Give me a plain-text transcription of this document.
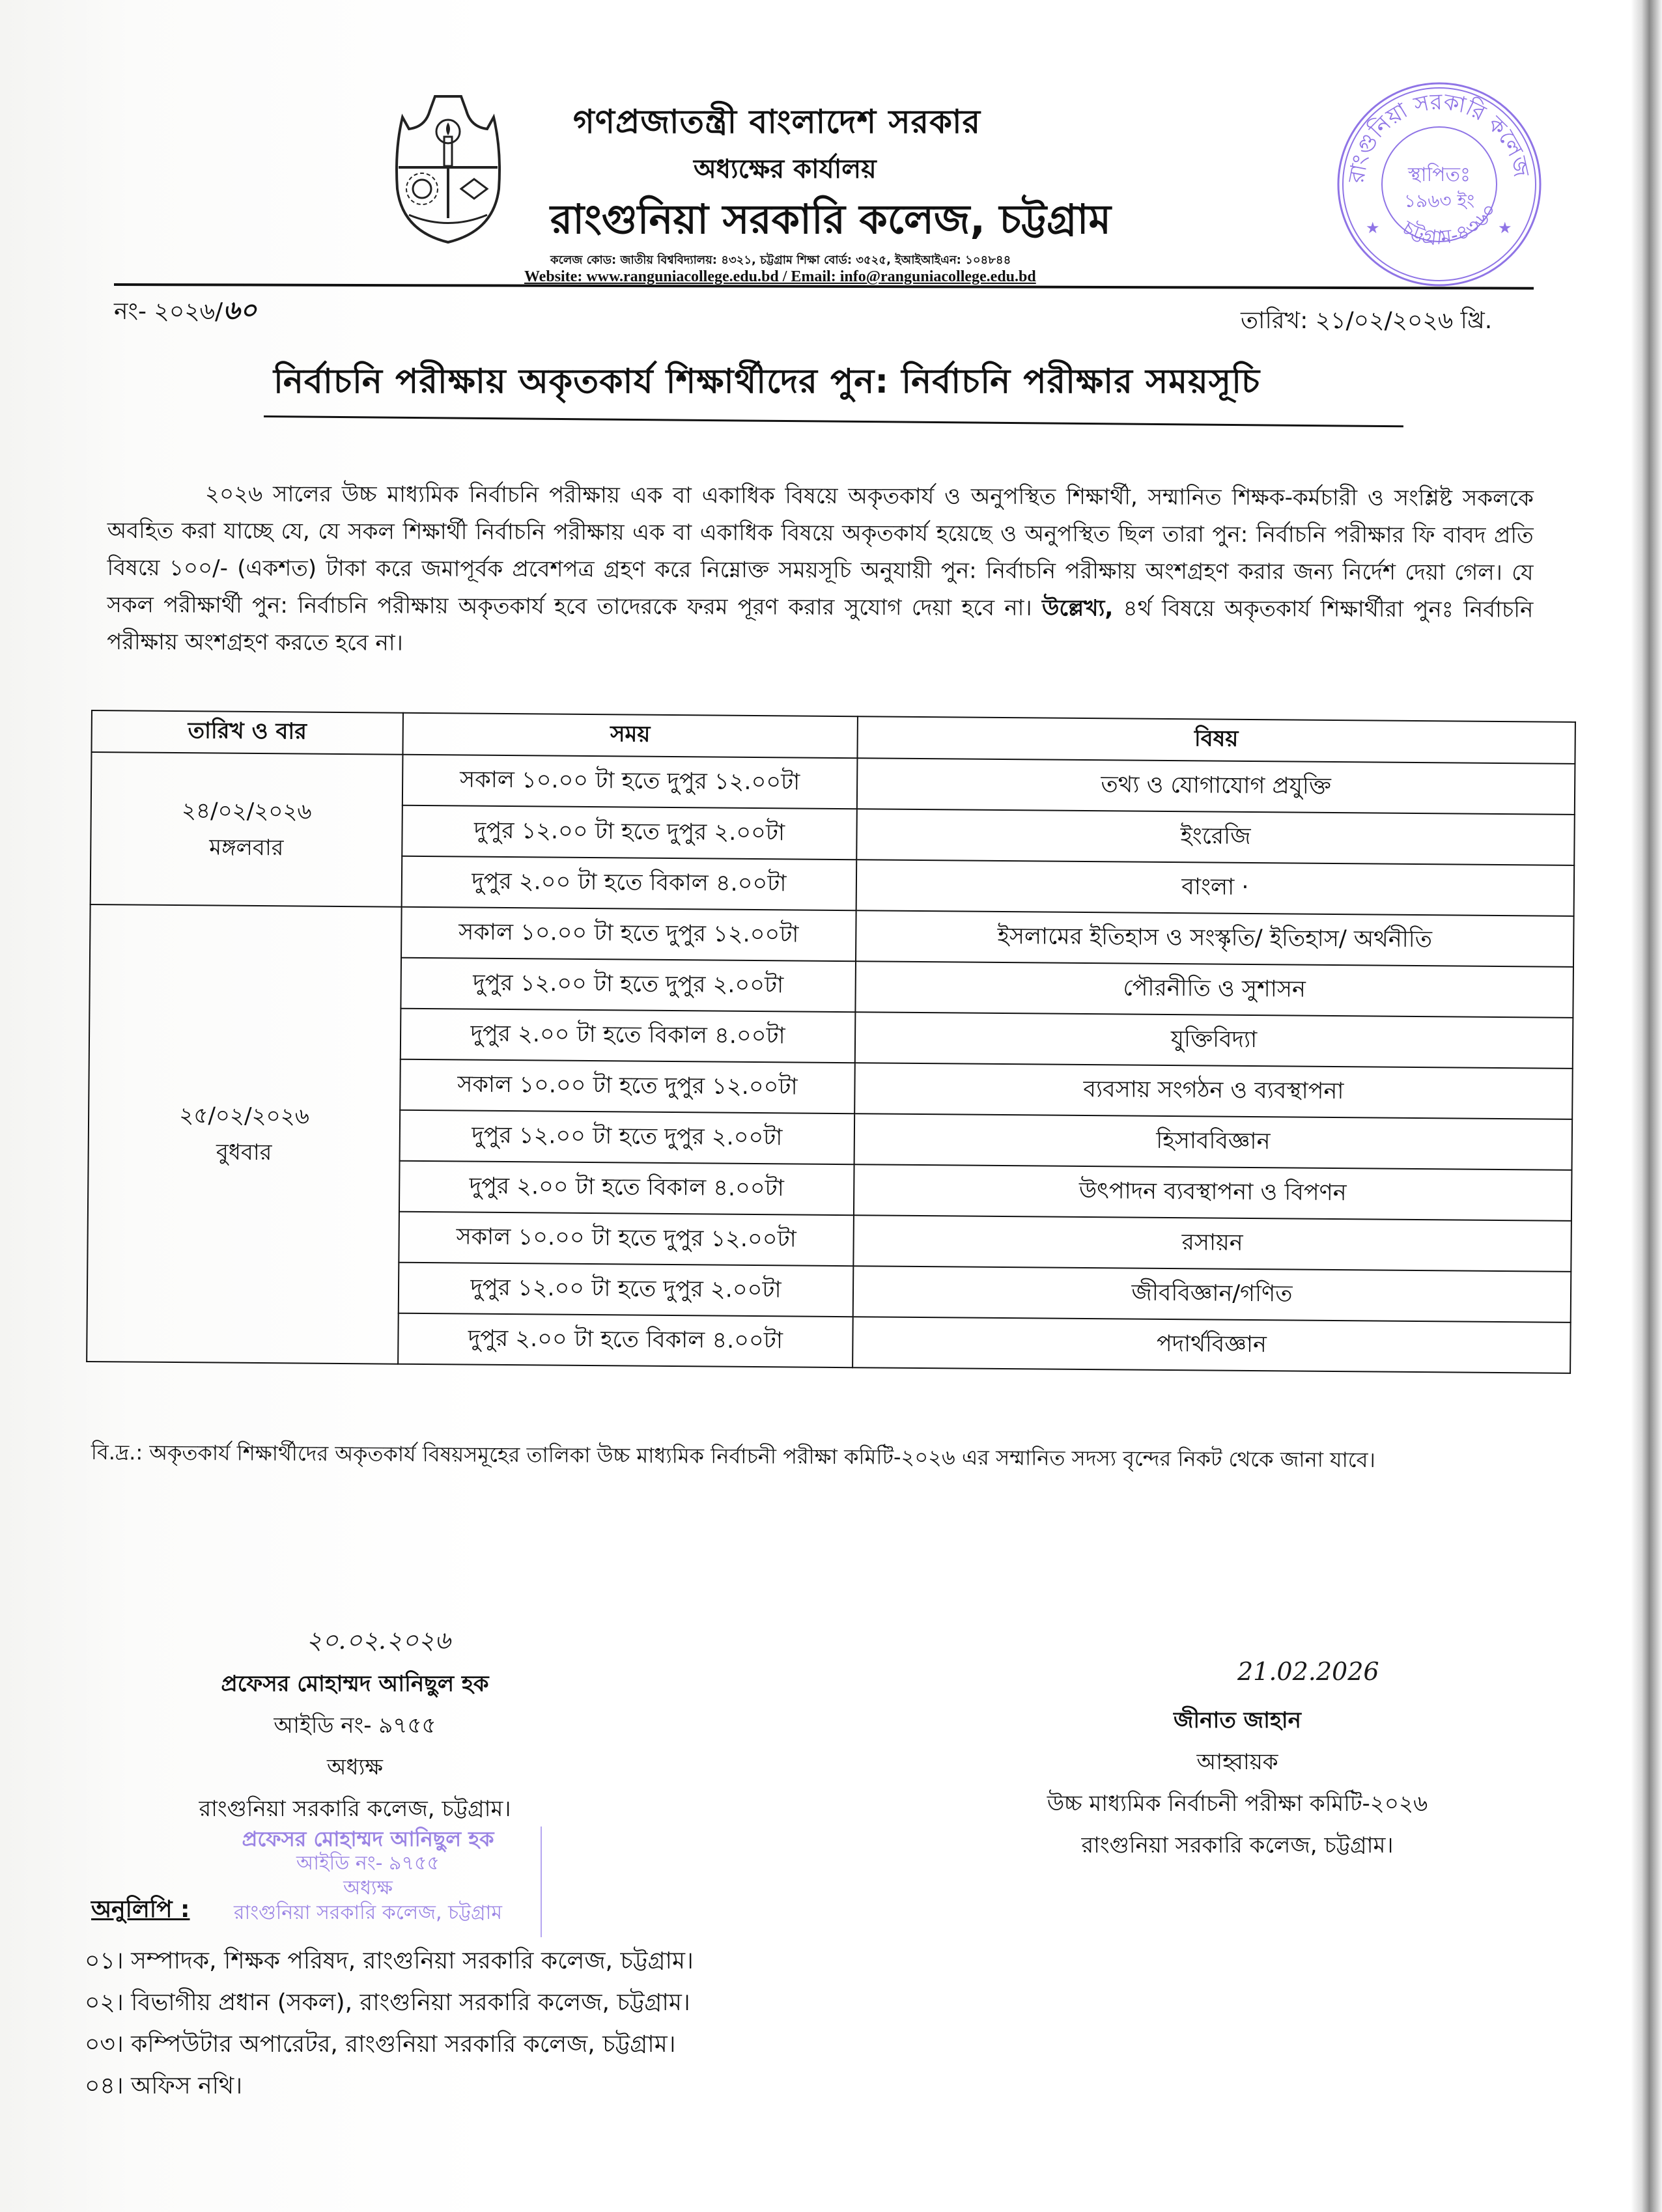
গণপ্রজাতন্ত্রী বাংলাদেশ সরকার
অধ্যক্ষের কার্যালয়
রাংগুনিয়া সরকারি কলেজ, চট্টগ্রাম
কলেজ কোড: জাতীয় বিশ্ববিদ্যালয়: ৪৩২১, চট্টগ্রাম শিক্ষা বোর্ড: ৩৫২৫, ইআইআইএন: ১০৪৮৪৪
Website: www.ranguniacollege.edu.bd / Email: info@ranguniacollege.edu.bd
রাংগুনিয়া সরকারি কলেজ
চট্টগ্রাম-৪৩৬০
স্থাপিতঃ
১৯৬৩ ইং
★	★
নং- ২০২৬/৬০	তারিখ: ২১/০২/২০২৬ খ্রি.
নির্বাচনি পরীক্ষায় অকৃতকার্য শিক্ষার্থীদের পুন: নির্বাচনি পরীক্ষার সময়সূচি
২০২৬ সালের উচ্চ মাধ্যমিক নির্বাচনি পরীক্ষায় এক বা একাধিক বিষয়ে অকৃতকার্য ও অনুপস্থিত শিক্ষার্থী, সম্মানিত শিক্ষক-কর্মচারী ও সংশ্লিষ্ট সকলকে অবহিত করা যাচ্ছে যে, যে সকল শিক্ষার্থী নির্বাচনি পরীক্ষায় এক বা একাধিক বিষয়ে অকৃতকার্য হয়েছে ও অনুপস্থিত ছিল তারা পুন: নির্বাচনি পরীক্ষার ফি বাবদ প্রতি বিষয়ে ১০০/- (একশত) টাকা করে জমাপূর্বক প্রবেশপত্র গ্রহণ করে নিম্নোক্ত সময়সূচি অনুযায়ী পুন: নির্বাচনি পরীক্ষায় অংশগ্রহণ করার জন্য নির্দেশ দেয়া গেল। যে সকল পরীক্ষার্থী পুন: নির্বাচনি পরীক্ষায় অকৃতকার্য হবে তাদেরকে ফরম পূরণ করার সুযোগ দেয়া হবে না। উল্লেখ্য, ৪র্থ বিষয়ে অকৃতকার্য শিক্ষার্থীরা পুনঃ নির্বাচনি পরীক্ষায় অংশগ্রহণ করতে হবে না।
তারিখ ও বার	সময়	বিষয়

২৪/০২/২০২৬
মঙ্গলবার	সকাল ১০.০০ টা হতে দুপুর ১২.০০টা	তথ্য ও যোগাযোগ প্রযুক্তি
	দুপুর ১২.০০ টা হতে দুপুর ২.০০টা	ইংরেজি
	দুপুর ২.০০ টা হতে বিকাল ৪.০০টা	বাংলা ·

২৫/০২/২০২৬
বুধবার	সকাল ১০.০০ টা হতে দুপুর ১২.০০টা	ইসলামের ইতিহাস ও সংস্কৃতি/ ইতিহাস/ অর্থনীতি
	দুপুর ১২.০০ টা হতে দুপুর ২.০০টা	পৌরনীতি ও সুশাসন
	দুপুর ২.০০ টা হতে বিকাল ৪.০০টা	যুক্তিবিদ্যা
	সকাল ১০.০০ টা হতে দুপুর ১২.০০টা	ব্যবসায় সংগঠন ও ব্যবস্থাপনা
	দুপুর ১২.০০ টা হতে দুপুর ২.০০টা	হিসাববিজ্ঞান
	দুপুর ২.০০ টা হতে বিকাল ৪.০০টা	উৎপাদন ব্যবস্থাপনা ও বিপণন
	সকাল ১০.০০ টা হতে দুপুর ১২.০০টা	রসায়ন
	দুপুর ১২.০০ টা হতে দুপুর ২.০০টা	জীববিজ্ঞান/গণিত
	দুপুর ২.০০ টা হতে বিকাল ৪.০০টা	পদার্থবিজ্ঞান
বি.দ্র.: অকৃতকার্য শিক্ষার্থীদের অকৃতকার্য বিষয়সমূহের তালিকা উচ্চ মাধ্যমিক নির্বাচনী পরীক্ষা কমিটি-২০২৬ এর সম্মানিত সদস্য বৃন্দের নিকট থেকে জানা যাবে।
২০.০২.২০২৬
প্রফেসর মোহাম্মদ আনিছুল হক
আইডি নং- ৯৭৫৫
অধ্যক্ষ
রাংগুনিয়া সরকারি কলেজ, চট্টগ্রাম।
প্রফেসর মোহাম্মদ আনিছুল হক
আইডি নং- ৯৭৫৫
অধ্যক্ষ
রাংগুনিয়া সরকারি কলেজ, চট্টগ্রাম
21.02.2026
জীনাত জাহান
আহ্বায়ক
উচ্চ মাধ্যমিক নির্বাচনী পরীক্ষা কমিটি-২০২৬
রাংগুনিয়া সরকারি কলেজ, চট্টগ্রাম।
অনুলিপি :
০১। সম্পাদক, শিক্ষক পরিষদ, রাংগুনিয়া সরকারি কলেজ, চট্টগ্রাম।
০২। বিভাগীয় প্রধান (সকল), রাংগুনিয়া সরকারি কলেজ, চট্টগ্রাম।
০৩। কম্পিউটার অপারেটর, রাংগুনিয়া সরকারি কলেজ, চট্টগ্রাম।
০৪। অফিস নথি।
